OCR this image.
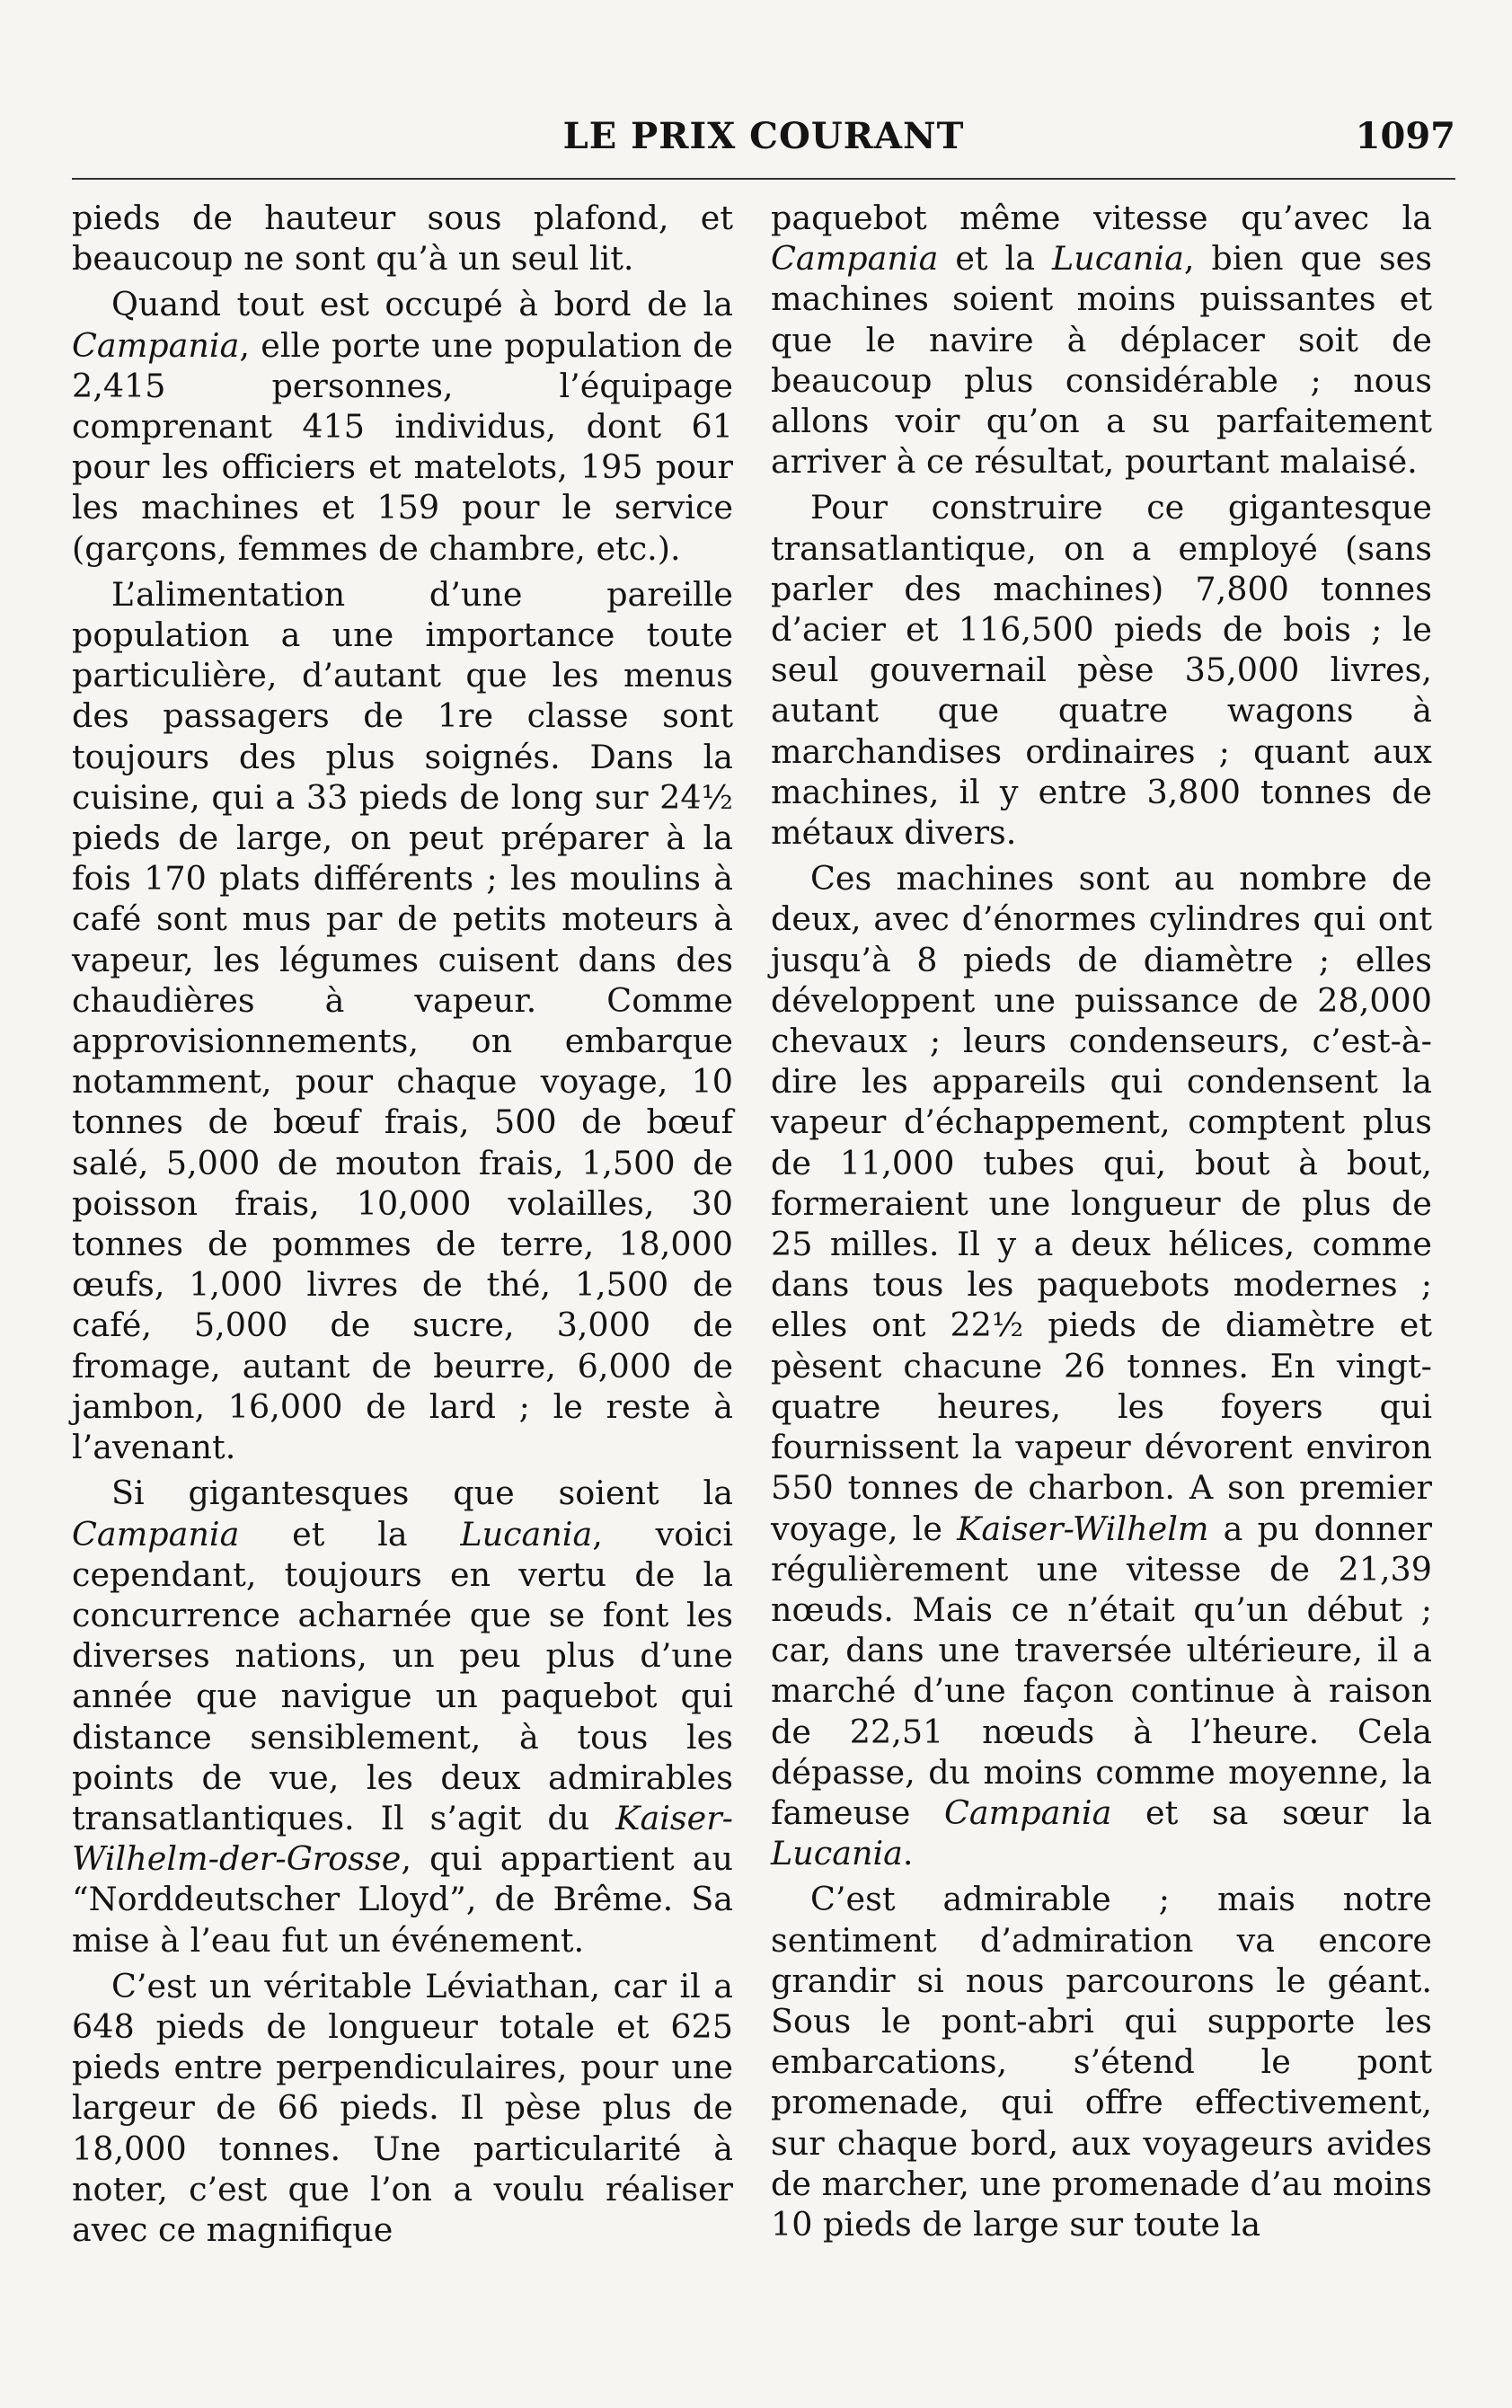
LE PRIX COURANT	1097

pieds de hauteur sous plafond, et beaucoup ne sont qu’à un seul lit.

Quand tout est occupé à bord de la Campania, elle porte une population de 2,415 personnes, l’équipage comprenant 415 individus, dont 61 pour les officiers et matelots, 195 pour les machines et 159 pour le service (garçons, femmes de chambre, etc.).

L’alimentation d’une pareille population a une importance toute particulière, d’autant que les menus des passagers de 1re classe sont toujours des plus soignés. Dans la cuisine, qui a 33 pieds de long sur 24½ pieds de large, on peut préparer à la fois 170 plats différents ; les moulins à café sont mus par de petits moteurs à vapeur, les légumes cuisent dans des chaudières à vapeur. Comme approvisionnements, on embarque notamment, pour chaque voyage, 10 tonnes de bœuf frais, 500 de bœuf salé, 5,000 de mouton frais, 1,500 de poisson frais, 10,000 volailles, 30 tonnes de pommes de terre, 18,000 œufs, 1,000 livres de thé, 1,500 de café, 5,000 de sucre, 3,000 de fromage, autant de beurre, 6,000 de jambon, 16,000 de lard ; le reste à l’avenant.

Si gigantesques que soient la Campania et la Lucania, voici cependant, toujours en vertu de la concurrence acharnée que se font les diverses nations, un peu plus d’une année que navigue un paquebot qui distance sensiblement, à tous les points de vue, les deux admirables transatlantiques. Il s’agit du Kaiser-Wilhelm-der-Grosse, qui appartient au “Norddeutscher Lloyd”, de Brême. Sa mise à l’eau fut un événement.

C’est un véritable Léviathan, car il a 648 pieds de longueur totale et 625 pieds entre perpendiculaires, pour une largeur de 66 pieds. Il pèse plus de 18,000 tonnes. Une particularité à noter, c’est que l’on a voulu réaliser avec ce magnifique

paquebot même vitesse qu’avec la Campania et la Lucania, bien que ses machines soient moins puissantes et que le navire à déplacer soit de beaucoup plus considérable ; nous allons voir qu’on a su parfaitement arriver à ce résultat, pourtant malaisé.

Pour construire ce gigantesque transatlantique, on a employé (sans parler des machines) 7,800 tonnes d’acier et 116,500 pieds de bois ; le seul gouvernail pèse 35,000 livres, autant que quatre wagons à marchandises ordinaires ; quant aux machines, il y entre 3,800 tonnes de métaux divers.

Ces machines sont au nombre de deux, avec d’énormes cylindres qui ont jusqu’à 8 pieds de diamètre ; elles développent une puissance de 28,000 chevaux ; leurs condenseurs, c’est-à-dire les appareils qui condensent la vapeur d’échappement, comptent plus de 11,000 tubes qui, bout à bout, formeraient une longueur de plus de 25 milles. Il y a deux hélices, comme dans tous les paquebots modernes ; elles ont 22½ pieds de diamètre et pèsent chacune 26 tonnes. En vingt-quatre heures, les foyers qui fournissent la vapeur dévorent environ 550 tonnes de charbon. A son premier voyage, le Kaiser-Wilhelm a pu donner régulièrement une vitesse de 21,39 nœuds. Mais ce n’était qu’un début ; car, dans une traversée ultérieure, il a marché d’une façon continue à raison de 22,51 nœuds à l’heure. Cela dépasse, du moins comme moyenne, la fameuse Campania et sa sœur la Lucania.

C’est admirable ; mais notre sentiment d’admiration va encore grandir si nous parcourons le géant. Sous le pont-abri qui supporte les embarcations, s’étend le pont promenade, qui offre effectivement, sur chaque bord, aux voyageurs avides de marcher, une promenade d’au moins 10 pieds de large sur toute la
